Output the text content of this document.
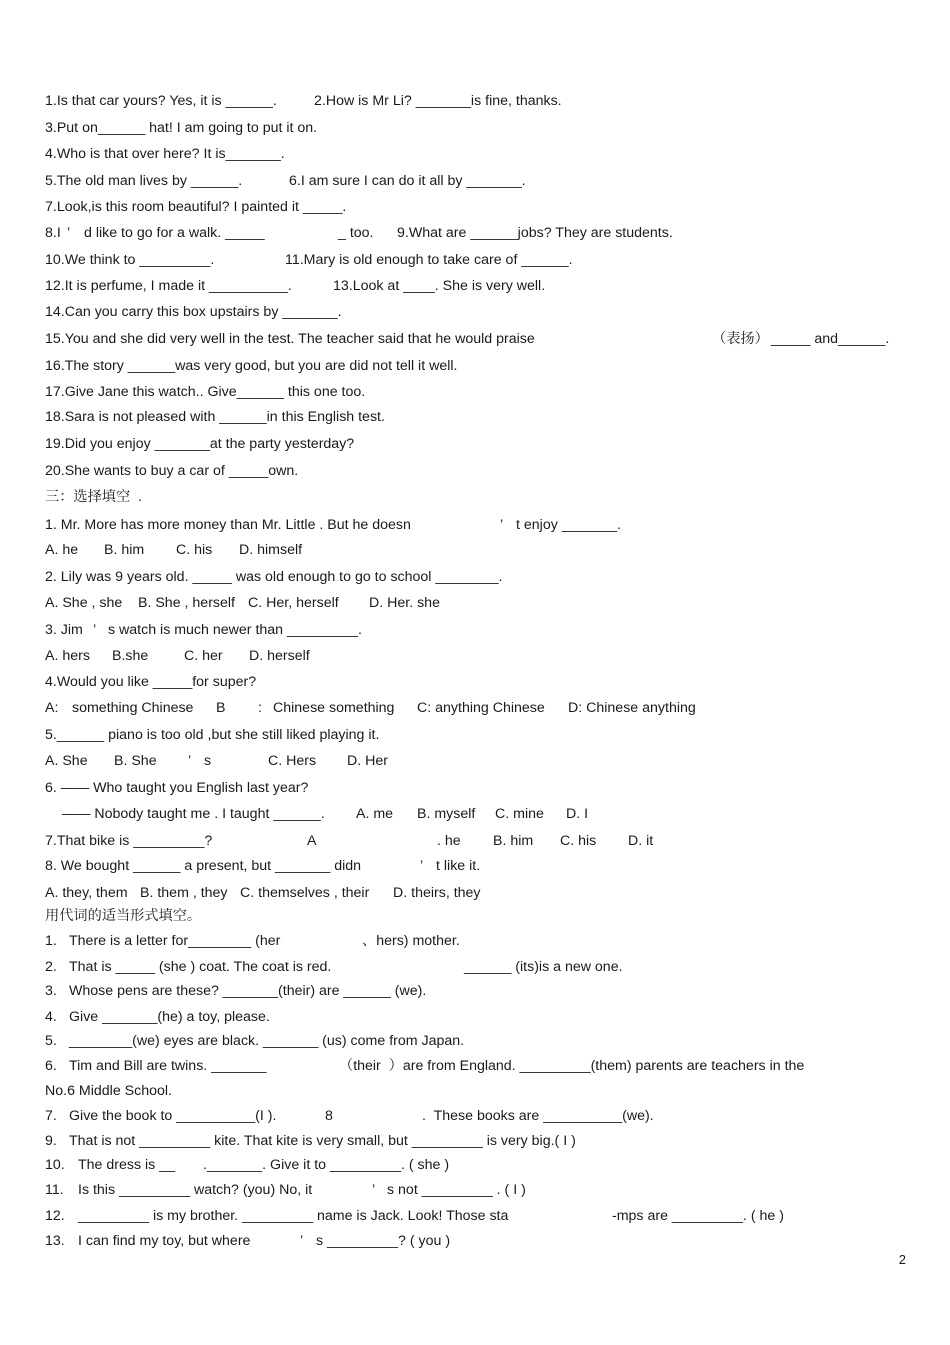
1.Is that car yours? Yes, it is ______.	2.How is Mr Li? _______is fine, thanks.
3.Put on______ hat! I am going to put it on.
4.Who is that over here? It is_______.
5.The old man lives by ______.	6.I am sure I can do it all by _______.
7.Look,is this room beautiful? I painted it _____.
8.I ’ d like to go for a walk. _____	_ too. 9.What are ______jobs? They are students.
10.We think to _________.	11.Mary is old enough to take care of ______.
12.It is perfume, I made it __________.	13.Look at ____. She is very well.
14.Can you carry this box upstairs by _______.
15.You and she did very well in the test. The teacher said that he would praise	（表扬） _____ and______.
16.The story ______was very good, but you are did not tell it well.
17.Give Jane this watch.. Give______ this one too.
18.Sara is not pleased with ______in this English test.
19.Did you enjoy _______at the party yesterday?
20.She wants to buy a car of _____own.
三：选择填空  .
1. Mr. More has more money than Mr. Little . But he doesn	’ t enjoy _______.
A. he B. him C. his D. himself
2. Lily was 9 years old. _____ was old enough to go to school ________.
A. She , she B. She , herself C. Her, herself D. Her. she
3. Jim ’ s watch is much newer than _________.
A. hers B.she	C. her D. herself
4.Would you like _____for super?
A: something Chinese B : Chinese something C: anything Chinese D: Chinese anything
5.______ piano is too old ,but she still liked playing it.
A. She B. She ’ s	C. Hers D. Her
6. —— Who taught you English last year?
—— Nobody taught me . I taught ______. A. me B. myself C. mine D. I
7.That bike is _________?	A	. he B. him C. his D. it
8. We bought ______ a present, but _______ didn	’ t like it.
A. they, them B. them , they C. themselves , their D. theirs, they
用代词的适当形式填空。
1. There is a letter for________ (her	、hers) mother.
2. That is _____ (she ) coat. The coat is red.	______ (its)is a new one.
3. Whose pens are these? _______(their) are ______ (we).
4. Give _______(he) a toy, please.
5. ________(we) eyes are black. _______ (us) come from Japan.
6. Tim and Bill are twins. _______	（their  ）are from England. _________(them) parents are teachers in the
No.6 Middle School.
7. Give the book to __________(I ).	8	.  These books are __________(we).
9. That is not _________ kite. That kite is very small, but _________ is very big.( I )
10. The dress is __ ._______. Give it to _________. ( she )
11. Is this _________ watch? (you) No, it	’ s not _________ . ( I )
12. _________ is my brother. _________ name is Jack. Look! Those sta	-mps are _________. ( he )
13. I can find my toy, but where	’ s _________? ( you )
2
